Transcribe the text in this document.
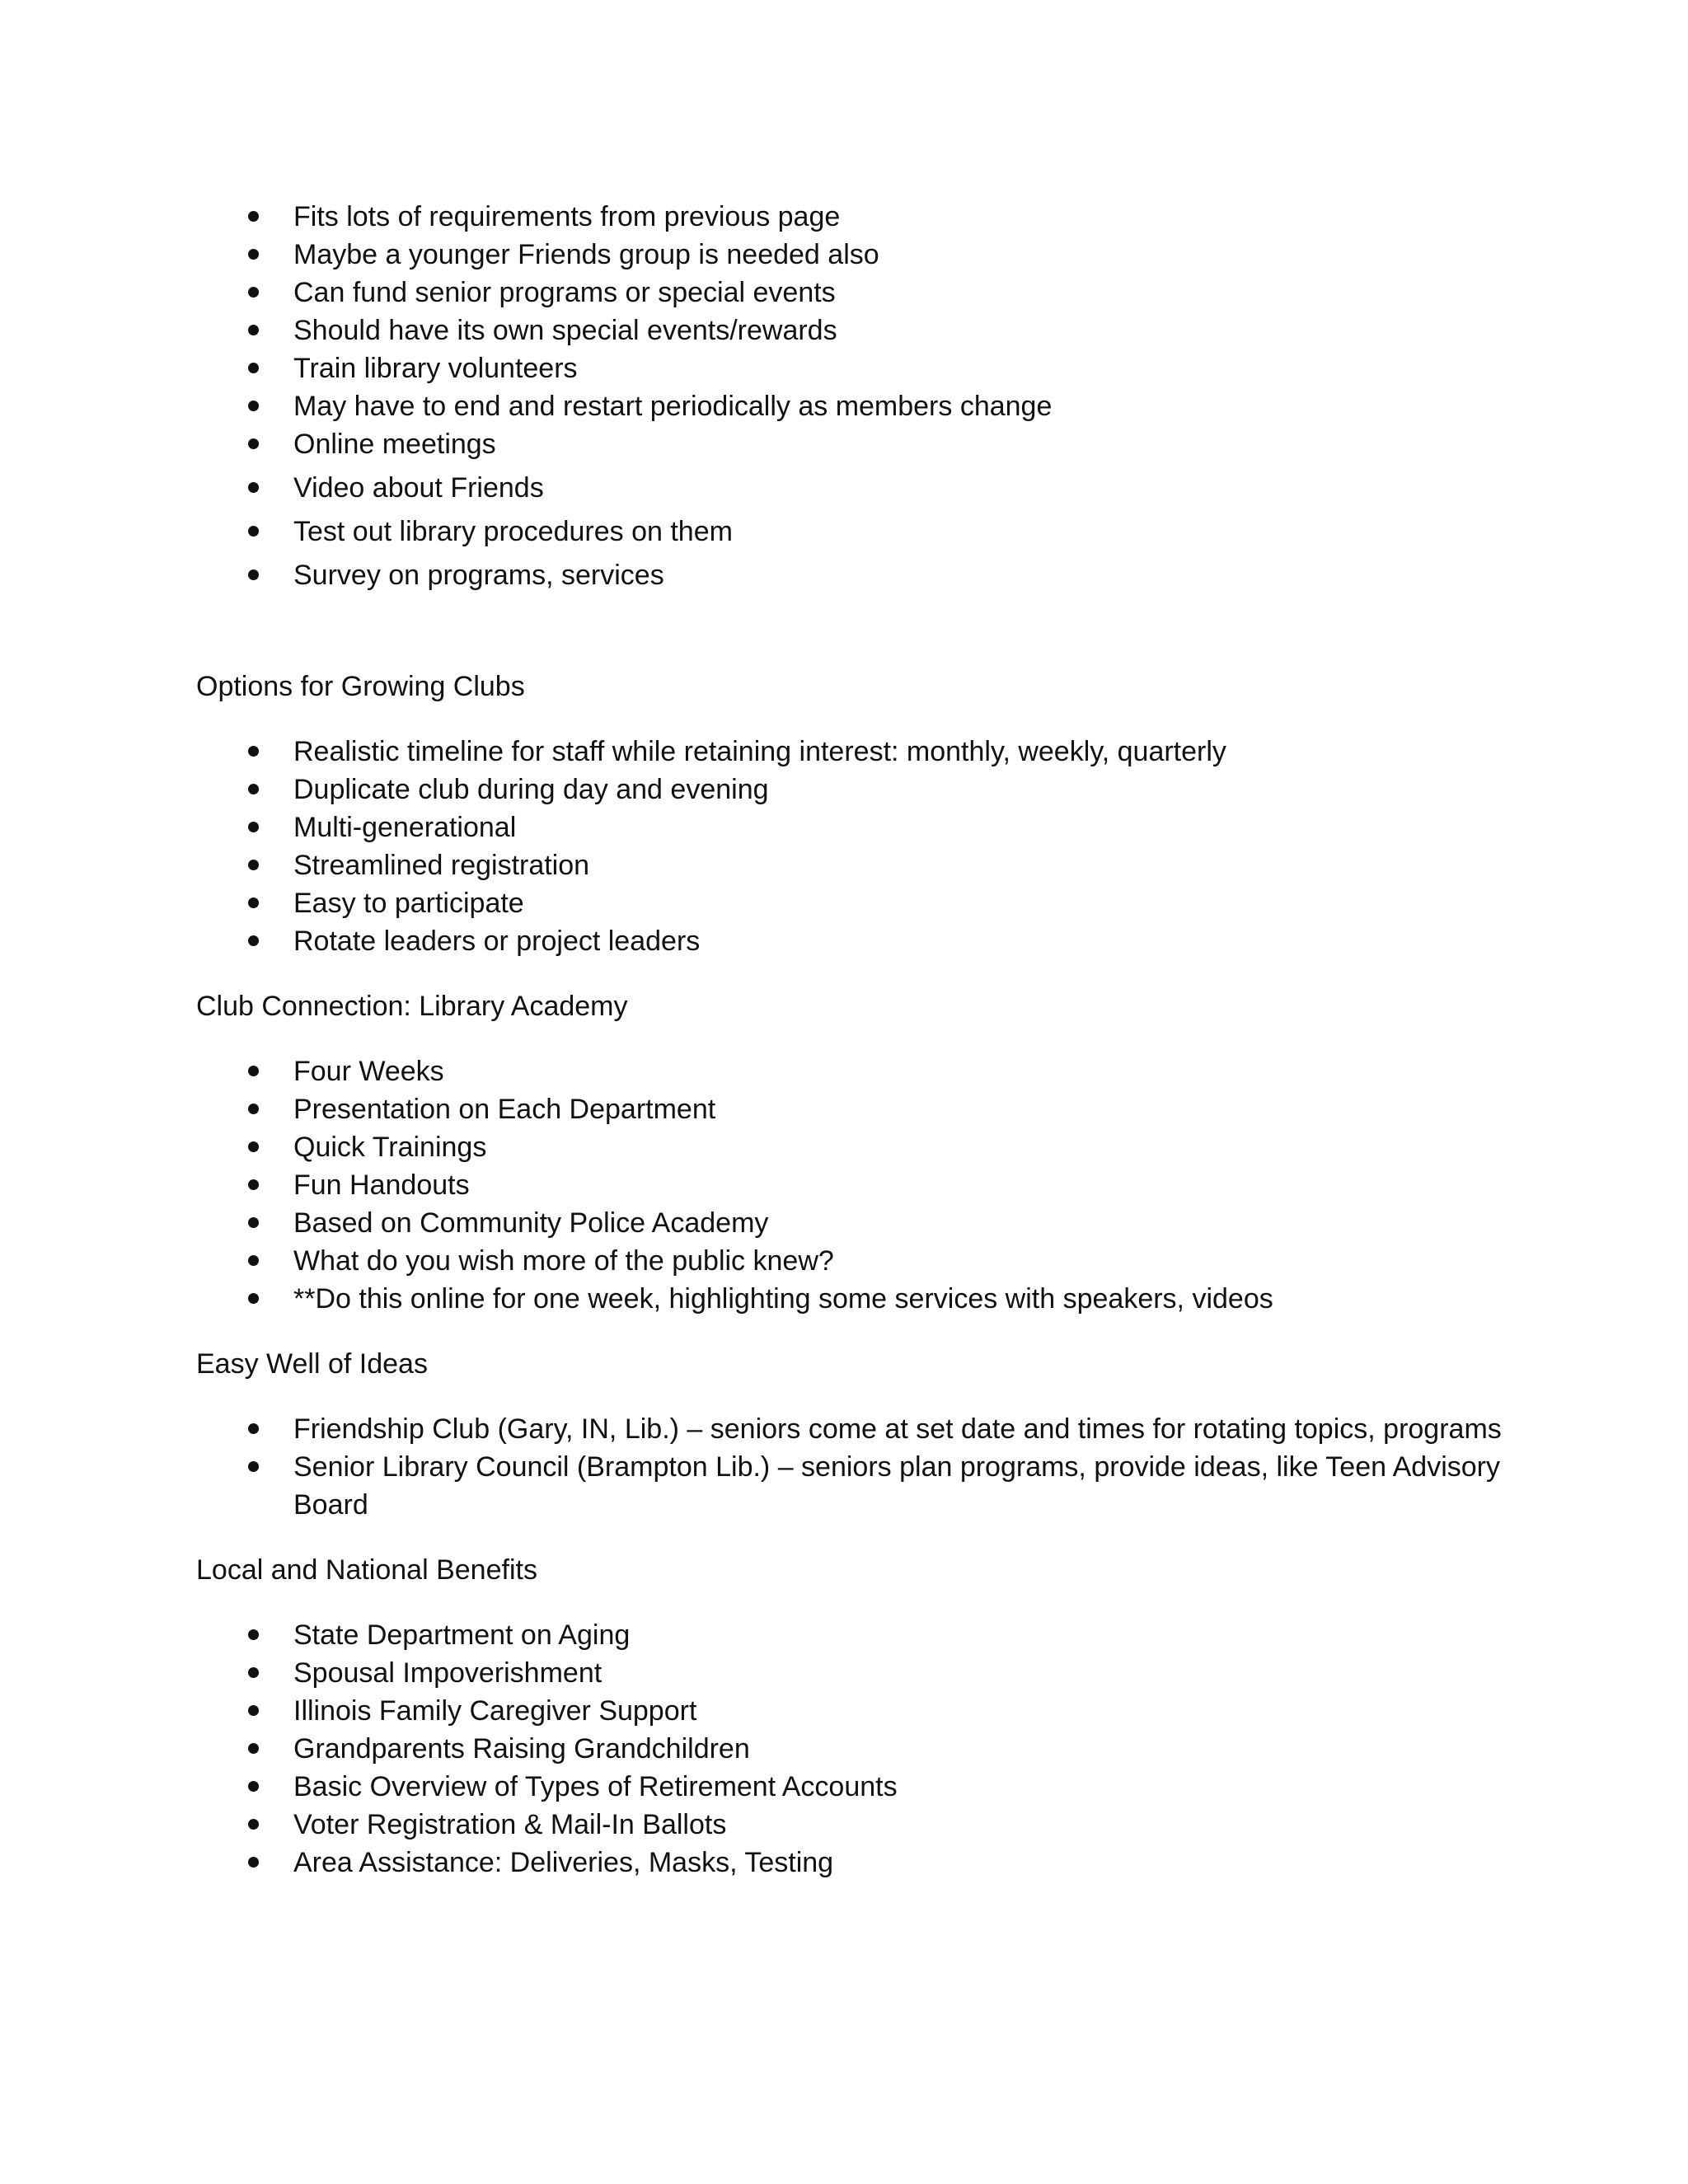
Fits lots of requirements from previous page
Maybe a younger Friends group is needed also
Can fund senior programs or special events
Should have its own special events/rewards
Train library volunteers
May have to end and restart periodically as members change
Online meetings
Video about Friends
Test out library procedures on them
Survey on programs, services

Options for Growing Clubs

Realistic timeline for staff while retaining interest: monthly, weekly, quarterly
Duplicate club during day and evening
Multi-generational
Streamlined registration
Easy to participate
Rotate leaders or project leaders

Club Connection: Library Academy

Four Weeks
Presentation on Each Department
Quick Trainings
Fun Handouts
Based on Community Police Academy
What do you wish more of the public knew?
**Do this online for one week, highlighting some services with speakers, videos

Easy Well of Ideas

Friendship Club (Gary, IN, Lib.) – seniors come at set date and times for rotating topics, programs
Senior Library Council (Brampton Lib.) – seniors plan programs, provide ideas, like Teen Advisory Board

Local and National Benefits

State Department on Aging
Spousal Impoverishment
Illinois Family Caregiver Support
Grandparents Raising Grandchildren
Basic Overview of Types of Retirement Accounts
Voter Registration & Mail-In Ballots
Area Assistance: Deliveries, Masks, Testing
